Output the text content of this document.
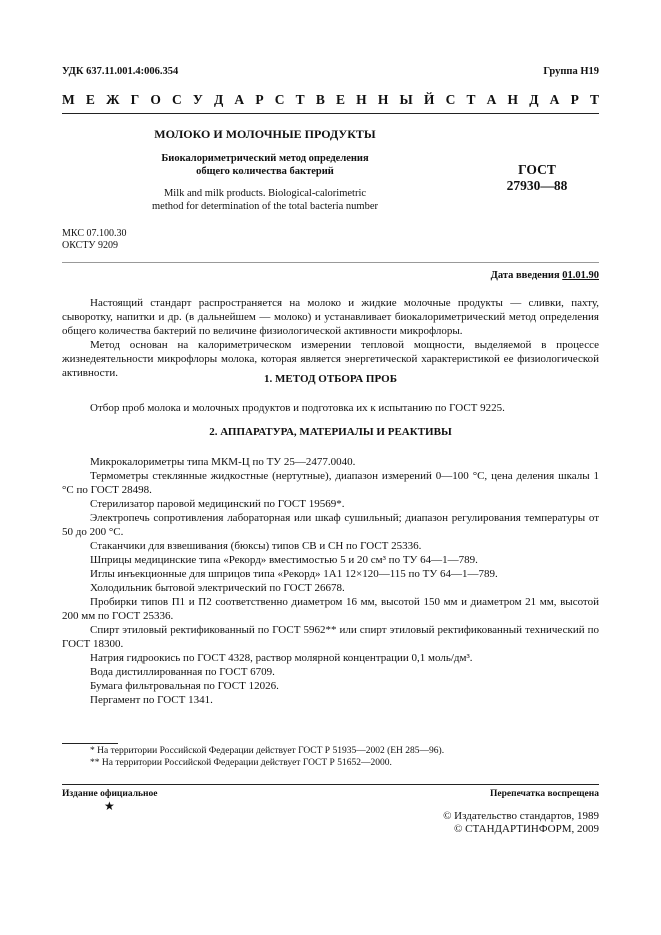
УДК 637.11.001.4:006.354	Группа Н19
М Е Ж Г О С У Д А Р С Т В Е Н Н Ы Й С Т А Н Д А Р Т
МОЛОКО И МОЛОЧНЫЕ ПРОДУКТЫ
Биокалориметрический метод определения
общего количества бактерий
Milk and milk products. Biological-calorimetric
method for determination of the total bacteria number
ГОСТ
27930—88
МКС 07.100.30
ОКСТУ 9209
Дата введения 01.01.90

Настоящий стандарт распространяется на молоко и жидкие молочные продукты — сливки, пахту, сыворотку, напитки и др. (в дальнейшем — молоко) и устанавливает биокалориметрический метод определения общего количества бактерий по величине физиологической активности микрофлоры.

Метод основан на калориметрическом измерении тепловой мощности, выделяемой в процессе жизнедеятельности микрофлоры молока, которая является энергетической характеристикой ее физиологической активности.	1. МЕТОД ОТБОРА ПРОБ

Отбор проб молока и молочных продуктов и подготовка их к испытанию по ГОСТ 9225.

2. АППАРАТУРА, МАТЕРИАЛЫ И РЕАКТИВЫ

Микрокалориметры типа МКМ-Ц по ТУ 25—2477.0040.

Термометры стеклянные жидкостные (нертутные), диапазон измерений 0—100 °С, цена деления шкалы 1 °С по ГОСТ 28498.

Стерилизатор паровой медицинский по ГОСТ 19569*.

Электропечь сопротивления лабораторная или шкаф сушильный; диапазон регулирования температуры от 50 до 200 °С.

Стаканчики для взвешивания (бюксы) типов СВ и СН по ГОСТ 25336.

Шприцы медицинские типа «Рекорд» вместимостью 5 и 20 см³ по ТУ 64—1—789.

Иглы инъекционные для шприцов типа «Рекорд» 1А1 12×120—115 по ТУ 64—1—789.

Холодильник бытовой электрический по ГОСТ 26678.

Пробирки типов П1 и П2 соответственно диаметром 16 мм, высотой 150 мм и диаметром 21 мм, высотой 200 мм по ГОСТ 25336.

Спирт этиловый ректификованный по ГОСТ 5962** или спирт этиловый ректификованный технический по ГОСТ 18300.

Натрия гидроокись по ГОСТ 4328, раствор молярной концентрации 0,1 моль/дм³.

Вода дистиллированная по ГОСТ 6709.

Бумага фильтровальная по ГОСТ 12026.

Пергамент по ГОСТ 1341.

* На территории Российской Федерации действует ГОСТ Р 51935—2002 (ЕН 285—96).

** На территории Российской Федерации действует ГОСТ Р 51652—2000.

Издание официальное
★
Перепечатка воспрещена
© Издательство стандартов, 1989
© СТАНДАРТИНФОРМ, 2009
